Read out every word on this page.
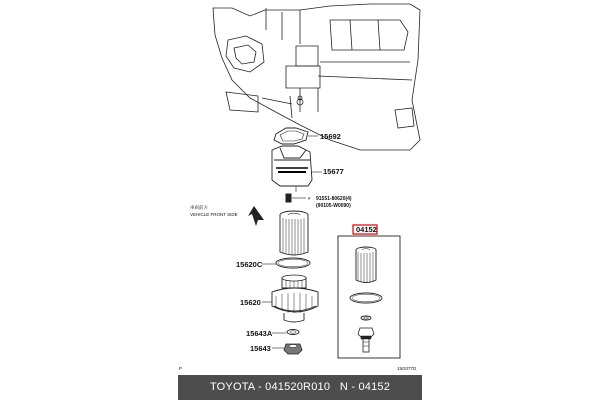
15692
15677
# 91551-80620(4)
(90105-W0090)
車両前方
VEHICLE FRONT SIDE
15620C
15620
15643A
15643
04152
P	15G077D
TOYOTA - 041520R010   N - 04152
